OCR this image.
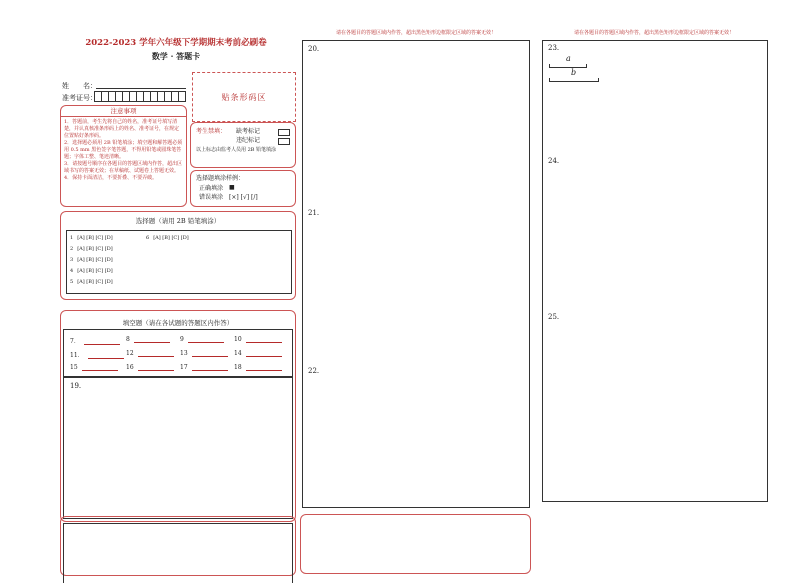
2022-2023 学年六年级下学期期末考前必刷卷
数学 · 答题卡
姓　　名：
准考证号：	贴条形码区
注意事项
1．答题前，考生先将自己的姓名，准考证号填写清楚，并认真核准条形码上的姓名、准考证号，在规定位置贴好条形码。
2．选择题必须用 2B 铅笔填涂；填空题和解答题必须用 0.5 mm 黑色签字笔答题，不得用铅笔或圆珠笔答题；字体工整、笔迹清晰。
3．请按题号顺序在各题目的答题区域内作答，超出区域书写的答案无效；在草稿纸、试题卷上答题无效。
4．保持卡面清洁，不要折叠、不要弄破。
考生禁填： 缺考标记
违纪标记
以上标志由监考人员用 2B 铅笔填涂
选择题填涂样例：
正确填涂 ■
错误填涂 [×] [√] [/]
选择题（请用 2B 铅笔填涂）
1 [A] [B] [C] [D]
2 [A] [B] [C] [D]
3 [A] [B] [C] [D]
4 [A] [B] [C] [D]
5 [A] [B] [C] [D]
6 [A] [B] [C] [D]
填空题（请在各试题的答题区内作答）
7．	8	9	10
11．	12	13	14
15	16	17	18
19.
请在各题目的答题区域内作答，超出黑色矩形边框限定区域的答案无效！
20.
21.
22.
请在各题目的答题区域内作答，超出黑色矩形边框限定区域的答案无效！
23.
a
b
24.
25.
